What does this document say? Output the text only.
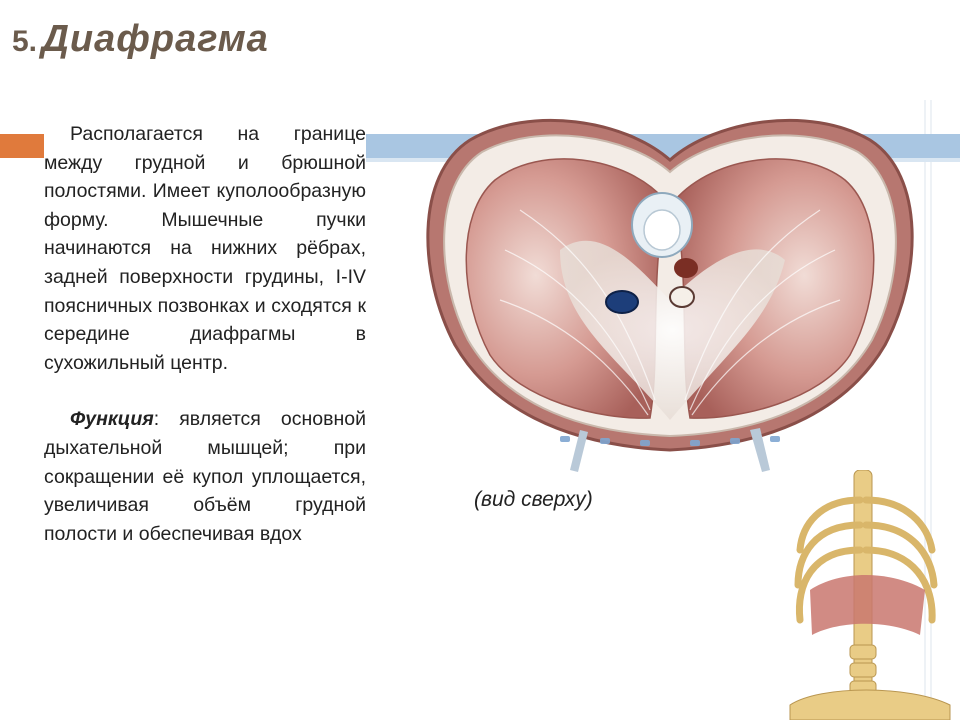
5. Диафрагма

Располагается на границе между грудной и брюшной полостями. Имеет куполообразную форму. Мышечные пучки начинаются на нижних рёбрах, задней поверхности грудины, I-IV поясничных позвонках и сходятся к середине диафрагмы в сухожильный центр.

Функция: является основной дыхательной мышцей; при сокращении её купол уплощается, увеличивая объём грудной полости и обеспечивая вдох

(вид сверху)
